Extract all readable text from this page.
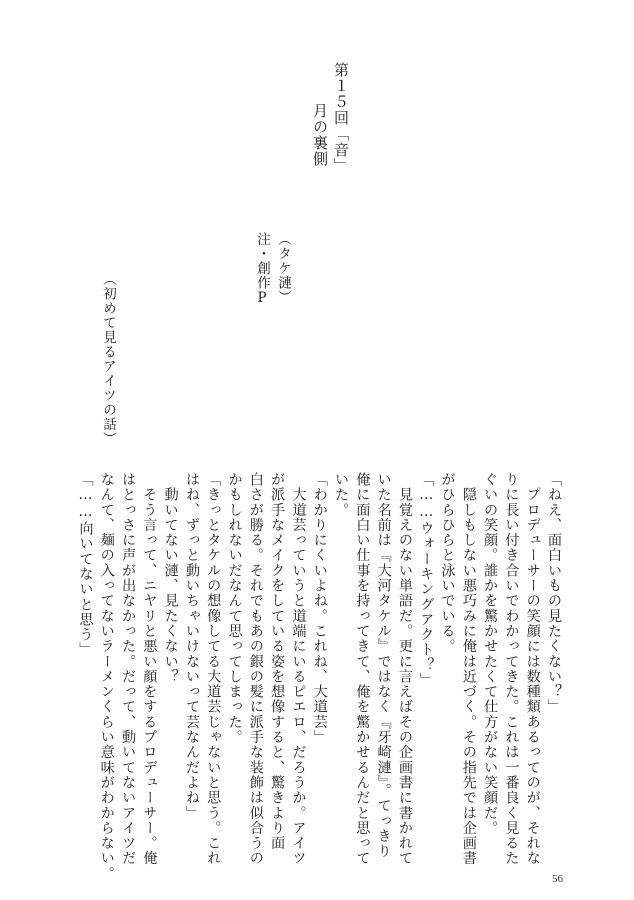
第１５回「音」
月の裏側
（タケ漣）
注・創作P
（初めて見るアイツの話）
「ねえ、面白いもの見たくない？」
　プロデューサーの笑顔には数種類あるってのが、それな
りに長い付き合いでわかってきた。これは一番良く見るた
ぐいの笑顔。誰かを驚かせたくて仕方がない笑顔だ。
　隠しもしない悪巧みに俺は近づく。その指先では企画書
がひらひらと泳いでいる。
「……ウォーキングアクト？」
　見覚えのない単語だ。更に言えばその企画書に書かれて
いた名前は『大河タケル』ではなく『牙崎漣』。てっきり
俺に面白い仕事を持ってきて、俺を驚かせるんだと思って
いた。
「わかりにくいよね。これね、大道芸」
　大道芸っていうと道端にいるピエロ、だろうか。アイツ
が派手なメイクをしている姿を想像すると、驚きより面
白さが勝る。それでもあの銀の髪に派手な装飾は似合うの
かもしれないだなんて思ってしまった。
「きっとタケルの想像してる大道芸じゃないと思う。これ
はね、ずっと動いちゃいけないって芸なんだよね」
　動いてない漣、見たくない？
　そう言って、ニヤリと悪い顔をするプロデューサー。俺
はとっさに声が出なかった。だって、動いてないアイツだ
なんて、麺の入ってないラーメンくらい意味がわからない。
「……向いてないと思う」
56
